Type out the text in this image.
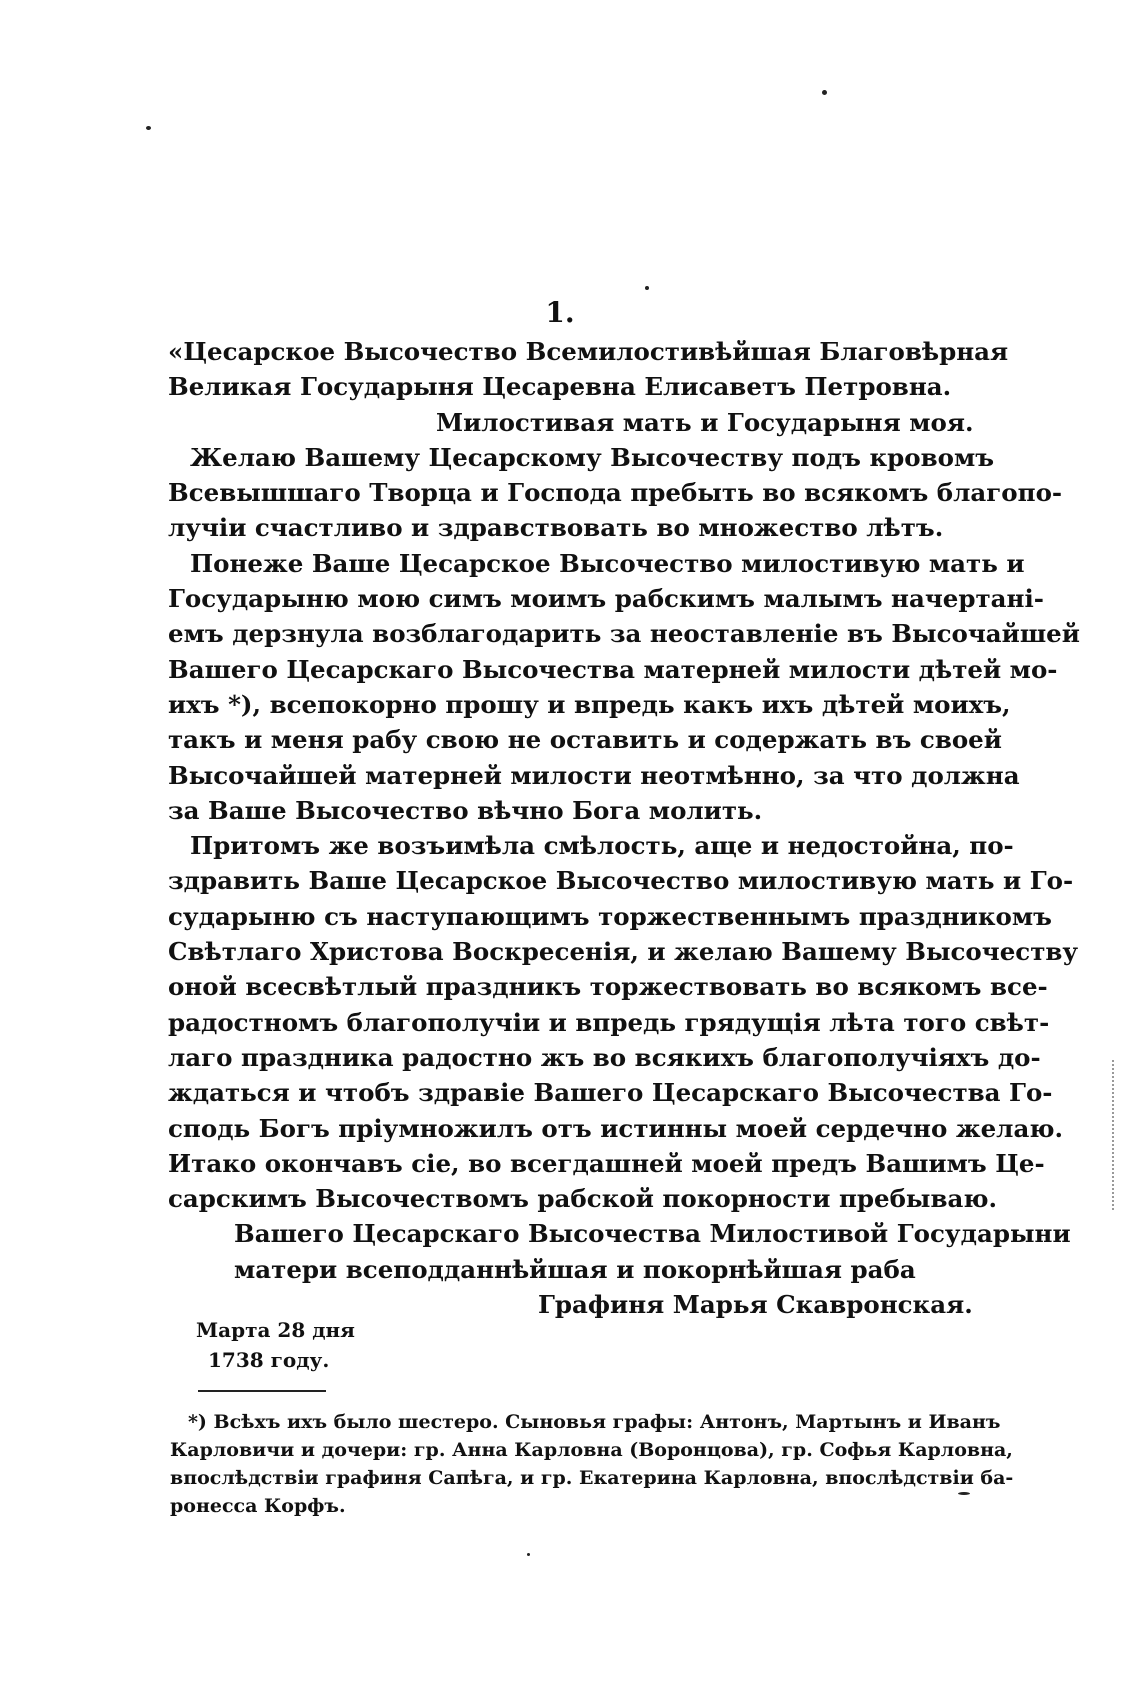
1.
«Цесарское Высочество Всемилостивѣйшая Благовѣрная
Великая Государыня Цесаревна Елисаветъ Петровна.
Милостивая мать и Государыня моя.
Желаю Вашему Цесарскому Высочеству подъ кровомъ
Всевышшаго Творца и Господа пребыть во всякомъ благопо-
лучіи счастливо и здравствовать во множество лѣтъ.
Понеже Ваше Цесарское Высочество милостивую мать и
Государыню мою симъ моимъ рабскимъ малымъ начертані-
емъ дерзнула возблагодарить за неоставленіе въ Высочайшей
Вашего Цесарскаго Высочества матерней милости дѣтей мо-
ихъ *), всепокорно прошу и впредь какъ ихъ дѣтей моихъ,
такъ и меня рабу свою не оставить и содержать въ своей
Высочайшей матерней милости неотмѣнно, за что должна
за Ваше Высочество вѣчно Бога молить.
Притомъ же возъимѣла смѣлость, аще и недостойна, по-
здравить Ваше Цесарское Высочество милостивую мать и Го-
сударыню съ наступающимъ торжественнымъ праздникомъ
Свѣтлаго Христова Воскресенія, и желаю Вашему Высочеству
оной всесвѣтлый праздникъ торжествовать во всякомъ все-
радостномъ благополучіи и впредь грядущія лѣта того свѣт-
лаго праздника радостно жъ во всякихъ благополучіяхъ до-
ждаться и чтобъ здравіе Вашего Цесарскаго Высочества Го-
сподь Богъ пріумножилъ отъ истинны моей сердечно желаю.
Итако окончавъ сіе, во всегдашней моей предъ Вашимъ Це-
сарскимъ Высочествомъ рабской покорности пребываю.
Вашего Цесарскаго Высочества Милостивой Государыни
матери всеподданнѣйшая и покорнѣйшая раба
Графиня Марья Скавронская.
Марта 28 дня
1738 году.
*) Всѣхъ ихъ было шестеро. Сыновья графы: Антонъ, Мартынъ и Иванъ
Карловичи и дочери: гр. Анна Карловна (Воронцова), гр. Софья Карловна,
впослѣдствіи графиня Сапѣга, и гр. Екатерина Карловна, впослѣдствіи ба-
ронесса Корфъ.
